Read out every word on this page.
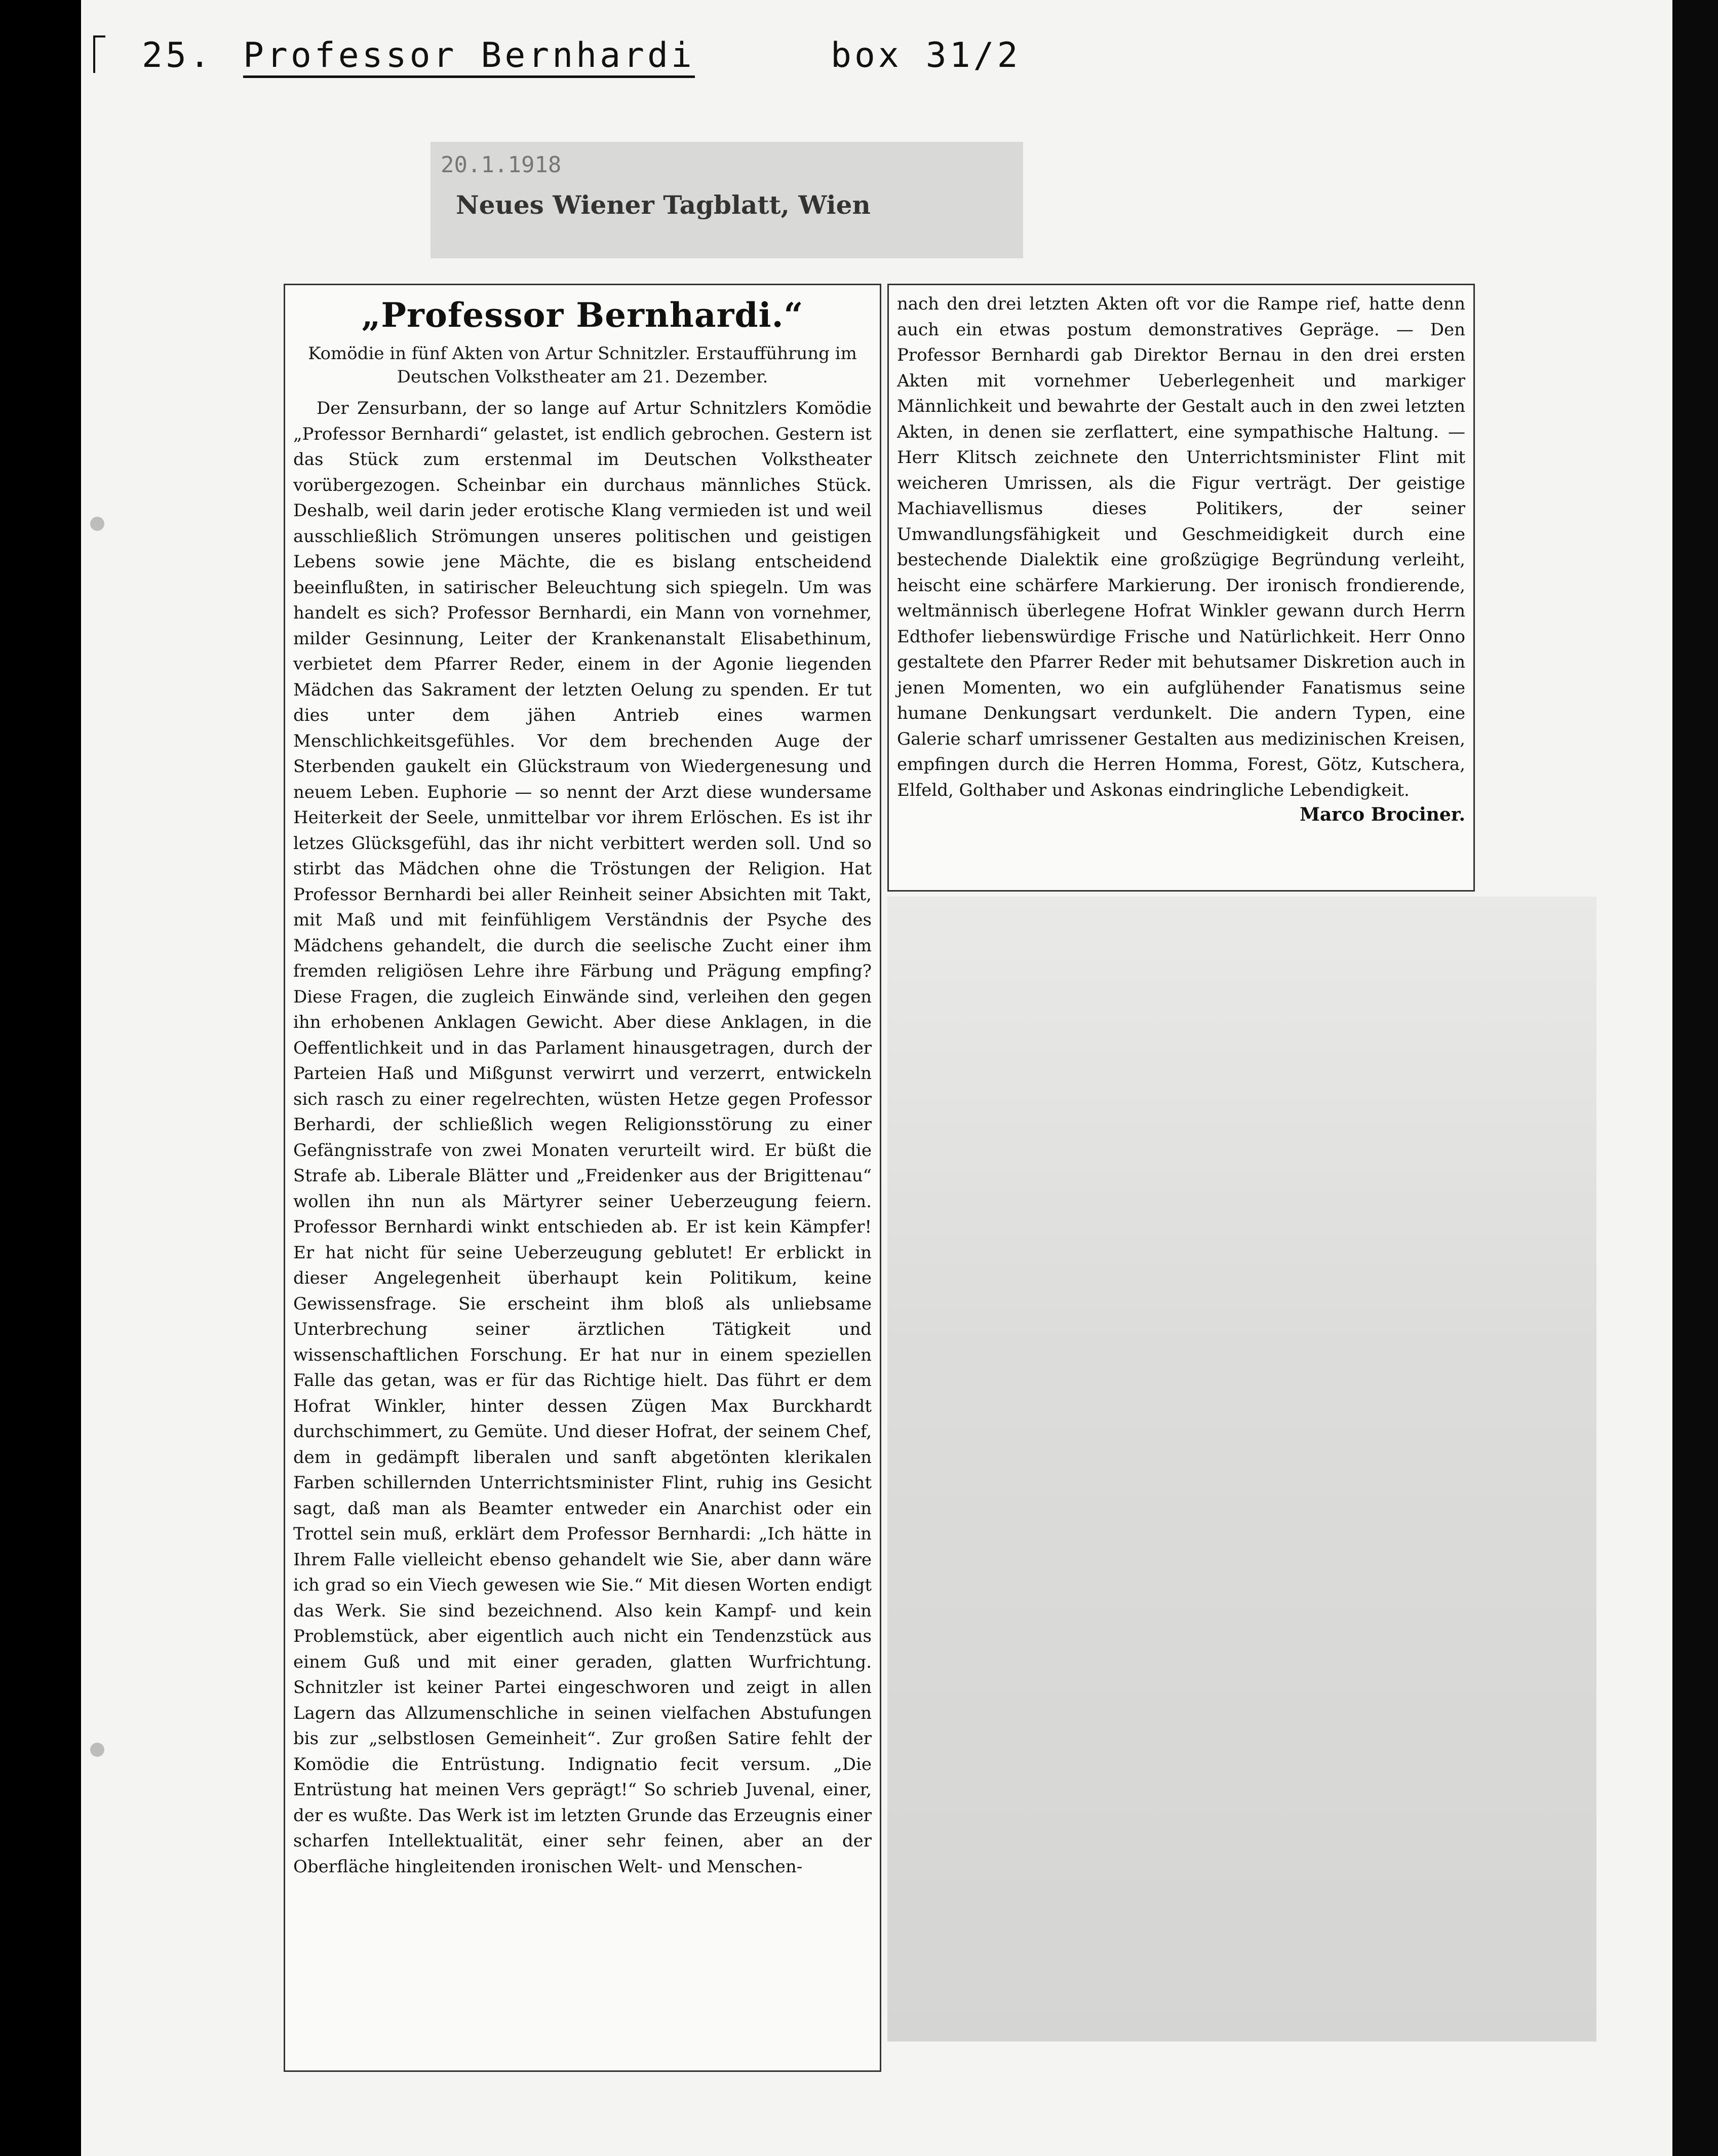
25. Professor Bernhardi	box 31/2
20.1.1918
Neues Wiener Tagblatt, Wien
„Professor Bernhardi.“

Komödie in fünf Akten von Artur Schnitzler. Erstaufführung im Deutschen Volkstheater am 21. Dezember.

Der Zensurbann, der so lange auf Artur Schnitzlers Komödie „Professor Bernhardi“ gelastet, ist endlich gebrochen. Gestern ist das Stück zum erstenmal im Deutschen Volkstheater vorübergezogen. Scheinbar ein durchaus männliches Stück. Deshalb, weil darin jeder erotische Klang vermieden ist und weil ausschließlich Strömungen unseres politischen und geistigen Lebens sowie jene Mächte, die es bislang entscheidend beeinflußten, in satirischer Beleuchtung sich spiegeln. Um was handelt es sich? Professor Bernhardi, ein Mann von vornehmer, milder Gesinnung, Leiter der Krankenanstalt Elisabethinum, verbietet dem Pfarrer Reder, einem in der Agonie liegenden Mädchen das Sakrament der letzten Oelung zu spenden. Er tut dies unter dem jähen Antrieb eines warmen Menschlichkeitsgefühles. Vor dem brechenden Auge der Sterbenden gaukelt ein Glückstraum von Wiedergenesung und neuem Leben. Euphorie — so nennt der Arzt diese wundersame Heiterkeit der Seele, unmittelbar vor ihrem Erlöschen. Es ist ihr letzes Glücksgefühl, das ihr nicht verbittert werden soll. Und so stirbt das Mädchen ohne die Tröstungen der Religion. Hat Professor Bernhardi bei aller Reinheit seiner Absichten mit Takt, mit Maß und mit feinfühligem Verständnis der Psyche des Mädchens gehandelt, die durch die seelische Zucht einer ihm fremden religiösen Lehre ihre Färbung und Prägung empfing? Diese Fragen, die zugleich Einwände sind, verleihen den gegen ihn erhobenen Anklagen Gewicht. Aber diese Anklagen, in die Oeffentlichkeit und in das Parlament hinausgetragen, durch der Parteien Haß und Mißgunst verwirrt und verzerrt, entwickeln sich rasch zu einer regelrechten, wüsten Hetze gegen Professor Berhardi, der schließlich wegen Religionsstörung zu einer Gefängnisstrafe von zwei Monaten verurteilt wird. Er büßt die Strafe ab. Liberale Blätter und „Freidenker aus der Brigittenau“ wollen ihn nun als Märtyrer seiner Ueberzeugung feiern. Professor Bernhardi winkt entschieden ab. Er ist kein Kämpfer! Er hat nicht für seine Ueberzeugung geblutet! Er erblickt in dieser Angelegenheit überhaupt kein Politikum, keine Gewissensfrage. Sie erscheint ihm bloß als unliebsame Unterbrechung seiner ärztlichen Tätigkeit und wissenschaftlichen Forschung. Er hat nur in einem speziellen Falle das getan, was er für das Richtige hielt. Das führt er dem Hofrat Winkler, hinter dessen Zügen Max Burckhardt durchschimmert, zu Gemüte. Und dieser Hofrat, der seinem Chef, dem in gedämpft liberalen und sanft abgetönten klerikalen Farben schillernden Unterrichtsminister Flint, ruhig ins Gesicht sagt, daß man als Beamter entweder ein Anarchist oder ein Trottel sein muß, erklärt dem Professor Bernhardi: „Ich hätte in Ihrem Falle vielleicht ebenso gehandelt wie Sie, aber dann wäre ich grad so ein Viech gewesen wie Sie.“ Mit diesen Worten endigt das Werk. Sie sind bezeichnend. Also kein Kampf- und kein Problemstück, aber eigentlich auch nicht ein Tendenzstück aus einem Guß und mit einer geraden, glatten Wurfrichtung. Schnitzler ist keiner Partei eingeschworen und zeigt in allen Lagern das Allzumenschliche in seinen vielfachen Abstufungen bis zur „selbstlosen Gemeinheit“. Zur großen Satire fehlt der Komödie die Entrüstung. Indignatio fecit versum. „Die Entrüstung hat meinen Vers geprägt!“ So schrieb Juvenal, einer, der es wußte. Das Werk ist im letzten Grunde das Erzeugnis einer scharfen Intellektualität, einer sehr feinen, aber an der Oberfläche hingleitenden ironischen Welt- und Menschen-

nach den drei letzten Akten oft vor die Rampe rief, hatte denn auch ein etwas postum demonstratives Gepräge. — Den Professor Bernhardi gab Direktor Bernau in den drei ersten Akten mit vornehmer Ueberlegenheit und markiger Männlichkeit und bewahrte der Gestalt auch in den zwei letzten Akten, in denen sie zerflattert, eine sympathische Haltung. — Herr Klitsch zeichnete den Unterrichtsminister Flint mit weicheren Umrissen, als die Figur verträgt. Der geistige Machiavellismus dieses Politikers, der seiner Umwandlungsfähigkeit und Geschmeidigkeit durch eine bestechende Dialektik eine großzügige Begründung verleiht, heischt eine schärfere Markierung. Der ironisch frondierende, weltmännisch überlegene Hofrat Winkler gewann durch Herrn Edthofer liebenswürdige Frische und Natürlichkeit. Herr Onno gestaltete den Pfarrer Reder mit behutsamer Diskretion auch in jenen Momenten, wo ein aufglühender Fanatismus seine humane Denkungsart verdunkelt. Die andern Typen, eine Galerie scharf umrissener Gestalten aus medizinischen Kreisen, empfingen durch die Herren Homma, Forest, Götz, Kutschera, Elfeld, Golthaber und Askonas eindringliche Lebendigkeit.

Marco Brociner.
